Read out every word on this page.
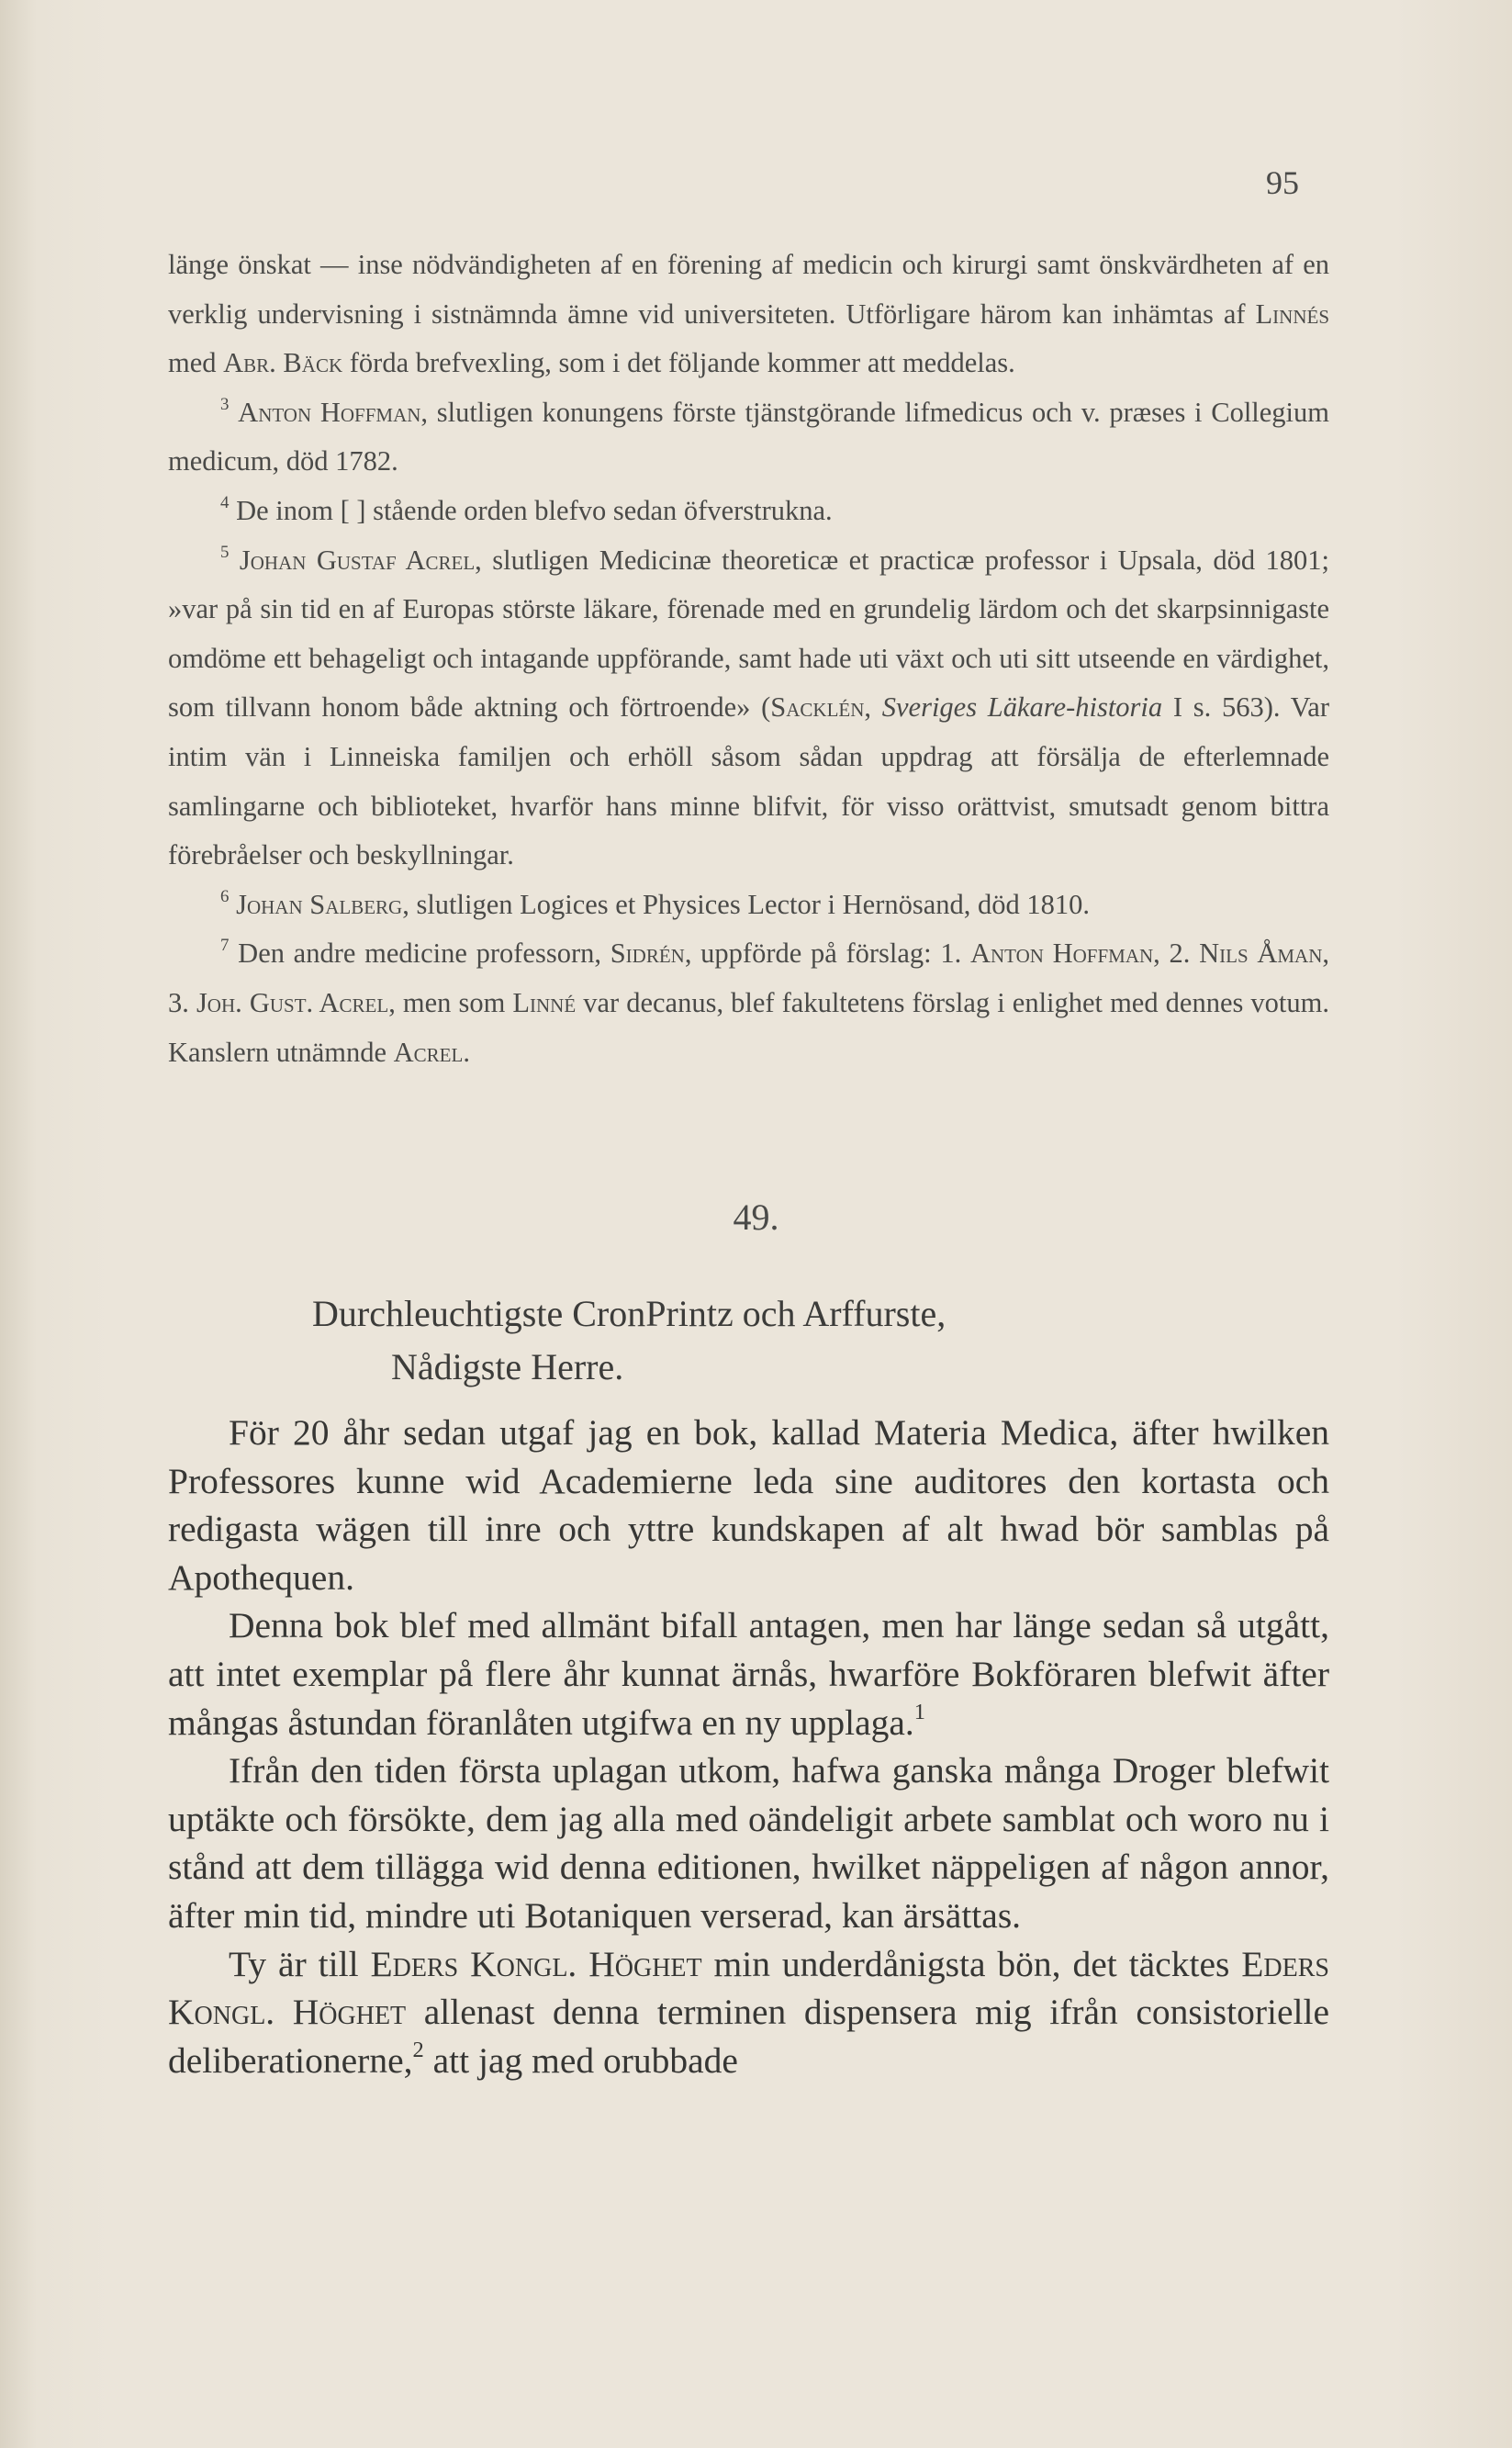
95

länge önskat — inse nödvändigheten af en förening af medicin och kirurgi samt önskvärdheten af en verklig undervisning i sistnämnda ämne vid universiteten. Utförligare härom kan inhämtas af Linnés med Abr. Bäck förda brefvexling, som i det följande kommer att meddelas.

$^3$ Anton Hoffman, slutligen konungens förste tjänstgörande lifmedicus och v. præses i Collegium medicum, död 1782.

$^4$ De inom [ ] stående orden blefvo sedan öfverstrukna.

$^5$ Johan Gustaf Acrel, slutligen Medicinæ theoreticæ et practicæ professor i Upsala, död 1801; »var på sin tid en af Europas störste läkare, förenade med en grundelig lärdom och det skarpsinnigaste omdöme ett behageligt och intagande uppförande, samt hade uti växt och uti sitt utseende en värdighet, som tillvann honom både aktning och förtroende» (Sacklén, Sveriges Läkare-historia I s. 563). Var intim vän i Linneiska familjen och erhöll såsom sådan uppdrag att försälja de efterlemnade samlingarne och biblioteket, hvarför hans minne blifvit, för visso orättvist, smutsadt genom bittra förebråelser och beskyllningar.

$^6$ Johan Salberg, slutligen Logices et Physices Lector i Hernösand, död 1810.

$^7$ Den andre medicine professorn, Sidrén, uppförde på förslag: 1. Anton Hoffman, 2. Nils Åman, 3. Joh. Gust. Acrel, men som Linné var decanus, blef fakultetens förslag i enlighet med dennes votum. Kanslern utnämnde Acrel.

49.
Durchleuchtigste CronPrintz och Arffurste,
Nådigste Herre.

För 20 åhr sedan utgaf jag en bok, kallad Materia Medica, äfter hwilken Professores kunne wid Academierne leda sine auditores den kortasta och redigasta wägen till inre och yttre kundskapen af alt hwad bör samblas på Apothequen.

Denna bok blef med allmänt bifall antagen, men har länge sedan så utgått, att intet exemplar på flere åhr kunnat ärnås, hwarföre Bokföraren blefwit äfter mångas åstundan föranlåten utgifwa en ny upplaga.$^1$

Ifrån den tiden första uplagan utkom, hafwa ganska många Droger blefwit uptäkte och försökte, dem jag alla med oändeligit arbete samblat och woro nu i stånd att dem tillägga wid denna editionen, hwilket näppeligen af någon annor, äfter min tid, mindre uti Botaniquen verserad, kan ärsättas.

Ty är till Eders Kongl. Höghet min underdånigsta bön, det täcktes Eders Kongl. Höghet allenast denna terminen dispensera mig ifrån consistorielle deliberationerne,$^2$ att jag med orubbade
